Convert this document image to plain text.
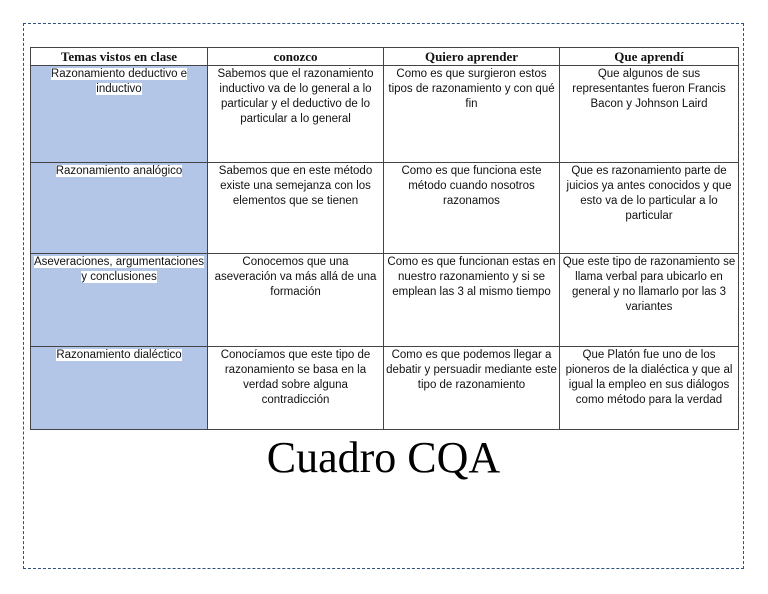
Temas vistos en clase	conozco	Quiero aprender	Que aprendí
Razonamiento deductivo e inductivo	Sabemos que el razonamiento inductivo va de lo general a lo particular y el deductivo de lo particular a lo general	Como es que surgieron estos tipos de razonamiento y con qué fin	Que algunos de sus representantes fueron Francis Bacon y Johnson Laird
Razonamiento analógico	Sabemos que en este método existe una semejanza con los elementos que se tienen	Como es que funciona este método cuando nosotros razonamos	Que es razonamiento parte de juicios ya antes conocidos y que esto va de lo particular a lo particular
Aseveraciones, argumentaciones y conclusiones	Conocemos que una aseveración va más allá de una formación	Como es que funcionan estas en nuestro razonamiento y si se emplean las 3 al mismo tiempo	Que este tipo de razonamiento se llama verbal para ubicarlo en general y no llamarlo por las 3 variantes
Razonamiento dialéctico	Conocíamos que este tipo de razonamiento se basa en la verdad sobre alguna contradicción	Como es que podemos llegar a debatir y persuadir mediante este tipo de razonamiento	Que Platón fue uno de los pioneros de la dialéctica y que al igual la empleo en sus diálogos como método para la verdad
Cuadro CQA
